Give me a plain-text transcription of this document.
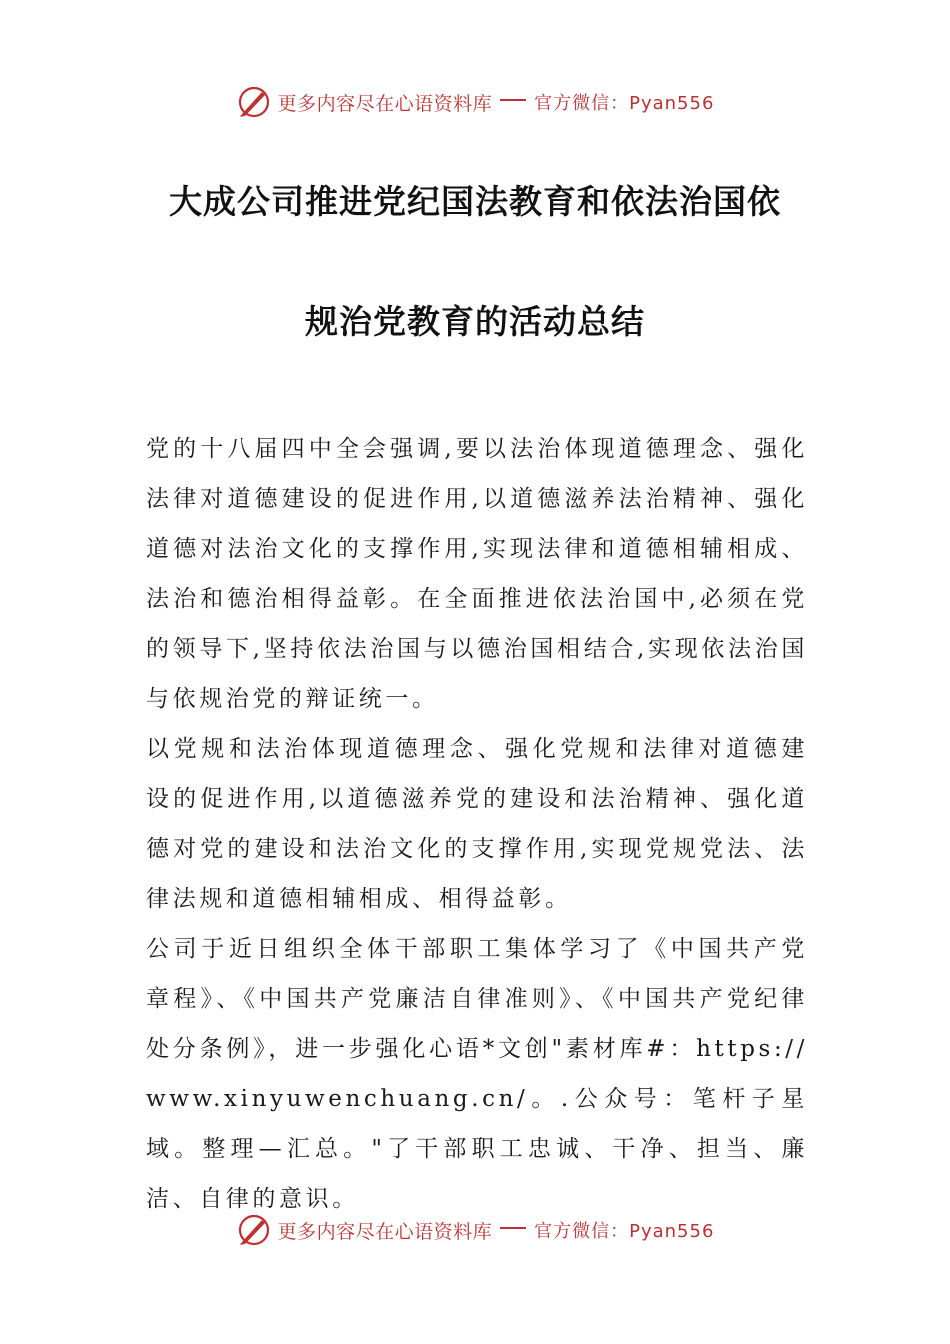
更多内容尽在心语资料库 官方微信：Pyan556
大成公司推进党纪国法教育和依法治国依
规治党教育的活动总结

党的十八届四中全会强调,要以法治体现道德理念、强化法律对道德建设的促进作用,以道德滋养法治精神、强化道德对法治文化的支撑作用,实现法律和道德相辅相成、法治和德治相得益彰。在全面推进依法治国中,必须在党的领导下,坚持依法治国与以德治国相结合,实现依法治国与依规治党的辩证统一。

以党规和法治体现道德理念、强化党规和法律对道德建设的促进作用,以道德滋养党的建设和法治精神、强化道德对党的建设和法治文化的支撑作用,实现党规党法、法律法规和道德相辅相成、相得益彰。

公司于近日组织全体干部职工集体学习了《中国共产党章程》、《中国共产党廉洁自律准则》、《中国共产党纪律处分条例》，进一步强化心语*文创"素材库#：https://www.xinyuwenchuang.cn/。.公众号：笔杆子星域。整理—汇总。"了干部职工忠诚、干净、担当、廉洁、自律的意识。

更多内容尽在心语资料库 官方微信：Pyan556
